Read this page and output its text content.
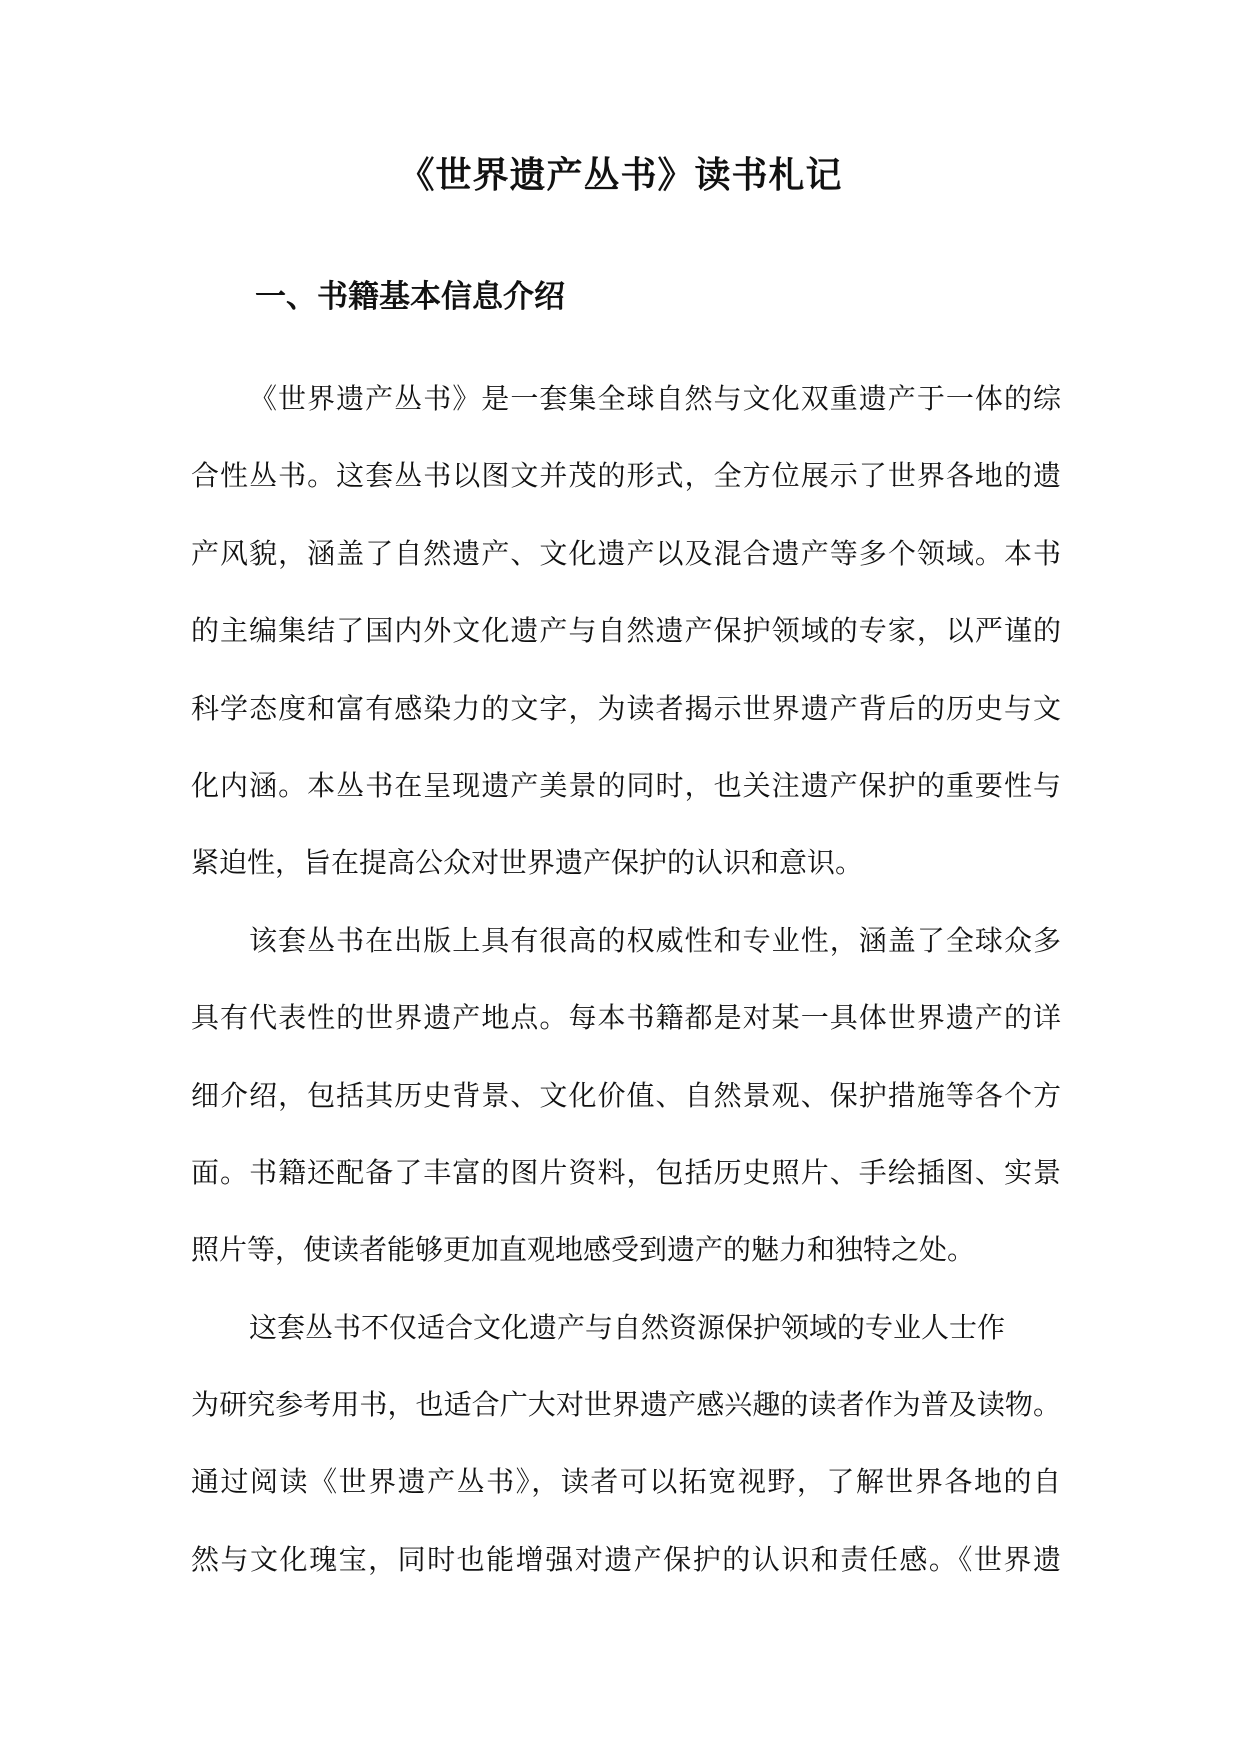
《世界遗产丛书》读书札记
一、书籍基本信息介绍
《世界遗产丛书》是一套集全球自然与文化双重遗产于一体的综
合性丛书。这套丛书以图文并茂的形式，全方位展示了世界各地的遗
产风貌，涵盖了自然遗产、文化遗产以及混合遗产等多个领域。本书
的主编集结了国内外文化遗产与自然遗产保护领域的专家，以严谨的
科学态度和富有感染力的文字，为读者揭示世界遗产背后的历史与文
化内涵。本丛书在呈现遗产美景的同时，也关注遗产保护的重要性与
紧迫性，旨在提高公众对世界遗产保护的认识和意识。
该套丛书在出版上具有很高的权威性和专业性，涵盖了全球众多
具有代表性的世界遗产地点。每本书籍都是对某一具体世界遗产的详
细介绍，包括其历史背景、文化价值、自然景观、保护措施等各个方
面。书籍还配备了丰富的图片资料，包括历史照片、手绘插图、实景
照片等，使读者能够更加直观地感受到遗产的魅力和独特之处。
这套丛书不仅适合文化遗产与自然资源保护领域的专业人士作
为研究参考用书，也适合广大对世界遗产感兴趣的读者作为普及读物。
通过阅读《世界遗产丛书》，读者可以拓宽视野，了解世界各地的自
然与文化瑰宝，同时也能增强对遗产保护的认识和责任感。《世界遗
